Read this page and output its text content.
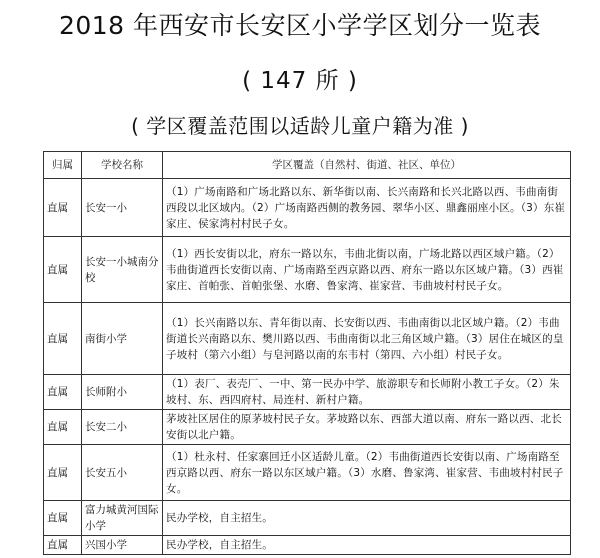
2018 年西安市长安区小学学区划分一览表
( 147 所 )
( 学区覆盖范围以适龄儿童户籍为准 )
归属	学校名称	学区覆盖（自然村、街道、社区、单位）
直属	长安一小	（1）广场南路和广场北路以东、新华街以南、长兴南路和长兴北路以西、韦曲南街西段以北区域内。（2）广场南路西侧的教务园、翠华小区、鼎鑫丽座小区。（3）东崔家庄、侯家湾村村民子女。
直属	长安一小城南分校	（1）西长安街以北，府东一路以东，韦曲北街以南，广场北路以西区域户籍。（2）韦曲街道西长安街以南、广场南路至西京路以西、府东一路以东区域户籍。（3）西崔家庄、首帕张、首帕张堡、水磨、鲁家湾、崔家营、韦曲坡村村民子女。
直属	南街小学	（1）长兴南路以东、青年街以南、长安街以西、韦曲南街以北区域户籍。（2）韦曲街道长兴南路以东、樊川路以西、韦曲南街以北三角区域户籍。（3）居住在城区的皇子坡村（第六小组）与皂河路以南的东韦村（第四、六小组）村民子女。
直属	长师附小	（1）表厂、表壳厂、一中、第一民办中学、旅游职专和长师附小教工子女。（2）朱坡村、东、西四府村、局连村、新村户籍。
直属	长安二小	茅坡社区居住的原茅坡村民子女。茅坡路以东、西部大道以南、府东一路以西、北长安街以北户籍。
直属	长安五小	（1）杜永村、任家寨回迁小区适龄儿童。（2）韦曲街道西长安街以南、广场南路至西京路以西、府东一路以东区域户籍。（3）水磨、鲁家湾、崔家营、韦曲坡村村民子女。
直属	富力城黄河国际小学	民办学校，自主招生。
直属	兴国小学	民办学校，自主招生。
